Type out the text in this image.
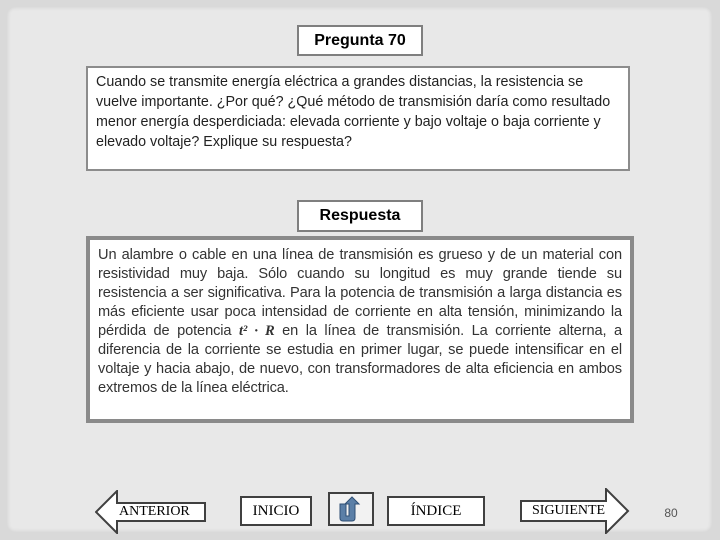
Pregunta 70
Cuando se transmite energía eléctrica a grandes distancias, la resistencia se vuelve importante. ¿Por qué? ¿Qué método de transmisión daría como resultado menor energía desperdiciada: elevada corriente y bajo voltaje o baja corriente y elevado voltaje? Explique su respuesta?
Respuesta
Un alambre o cable en una línea de transmisión es grueso y de un material con resistividad muy baja. Sólo cuando su longitud es muy grande tiende su resistencia a ser significativa. Para la potencia de transmisión a larga distancia es más eficiente usar poca intensidad de corriente en alta tensión, minimizando la pérdida de potencia t² · R en la línea de transmisión. La corriente alterna, a diferencia de la corriente se estudia en primer lugar, se puede intensificar en el voltaje y hacia abajo, de nuevo, con transformadores de alta eficiencia en ambos extremos de la línea eléctrica.
ANTERIOR	INICIO	ÍNDICE	SIGUIENTE	80
